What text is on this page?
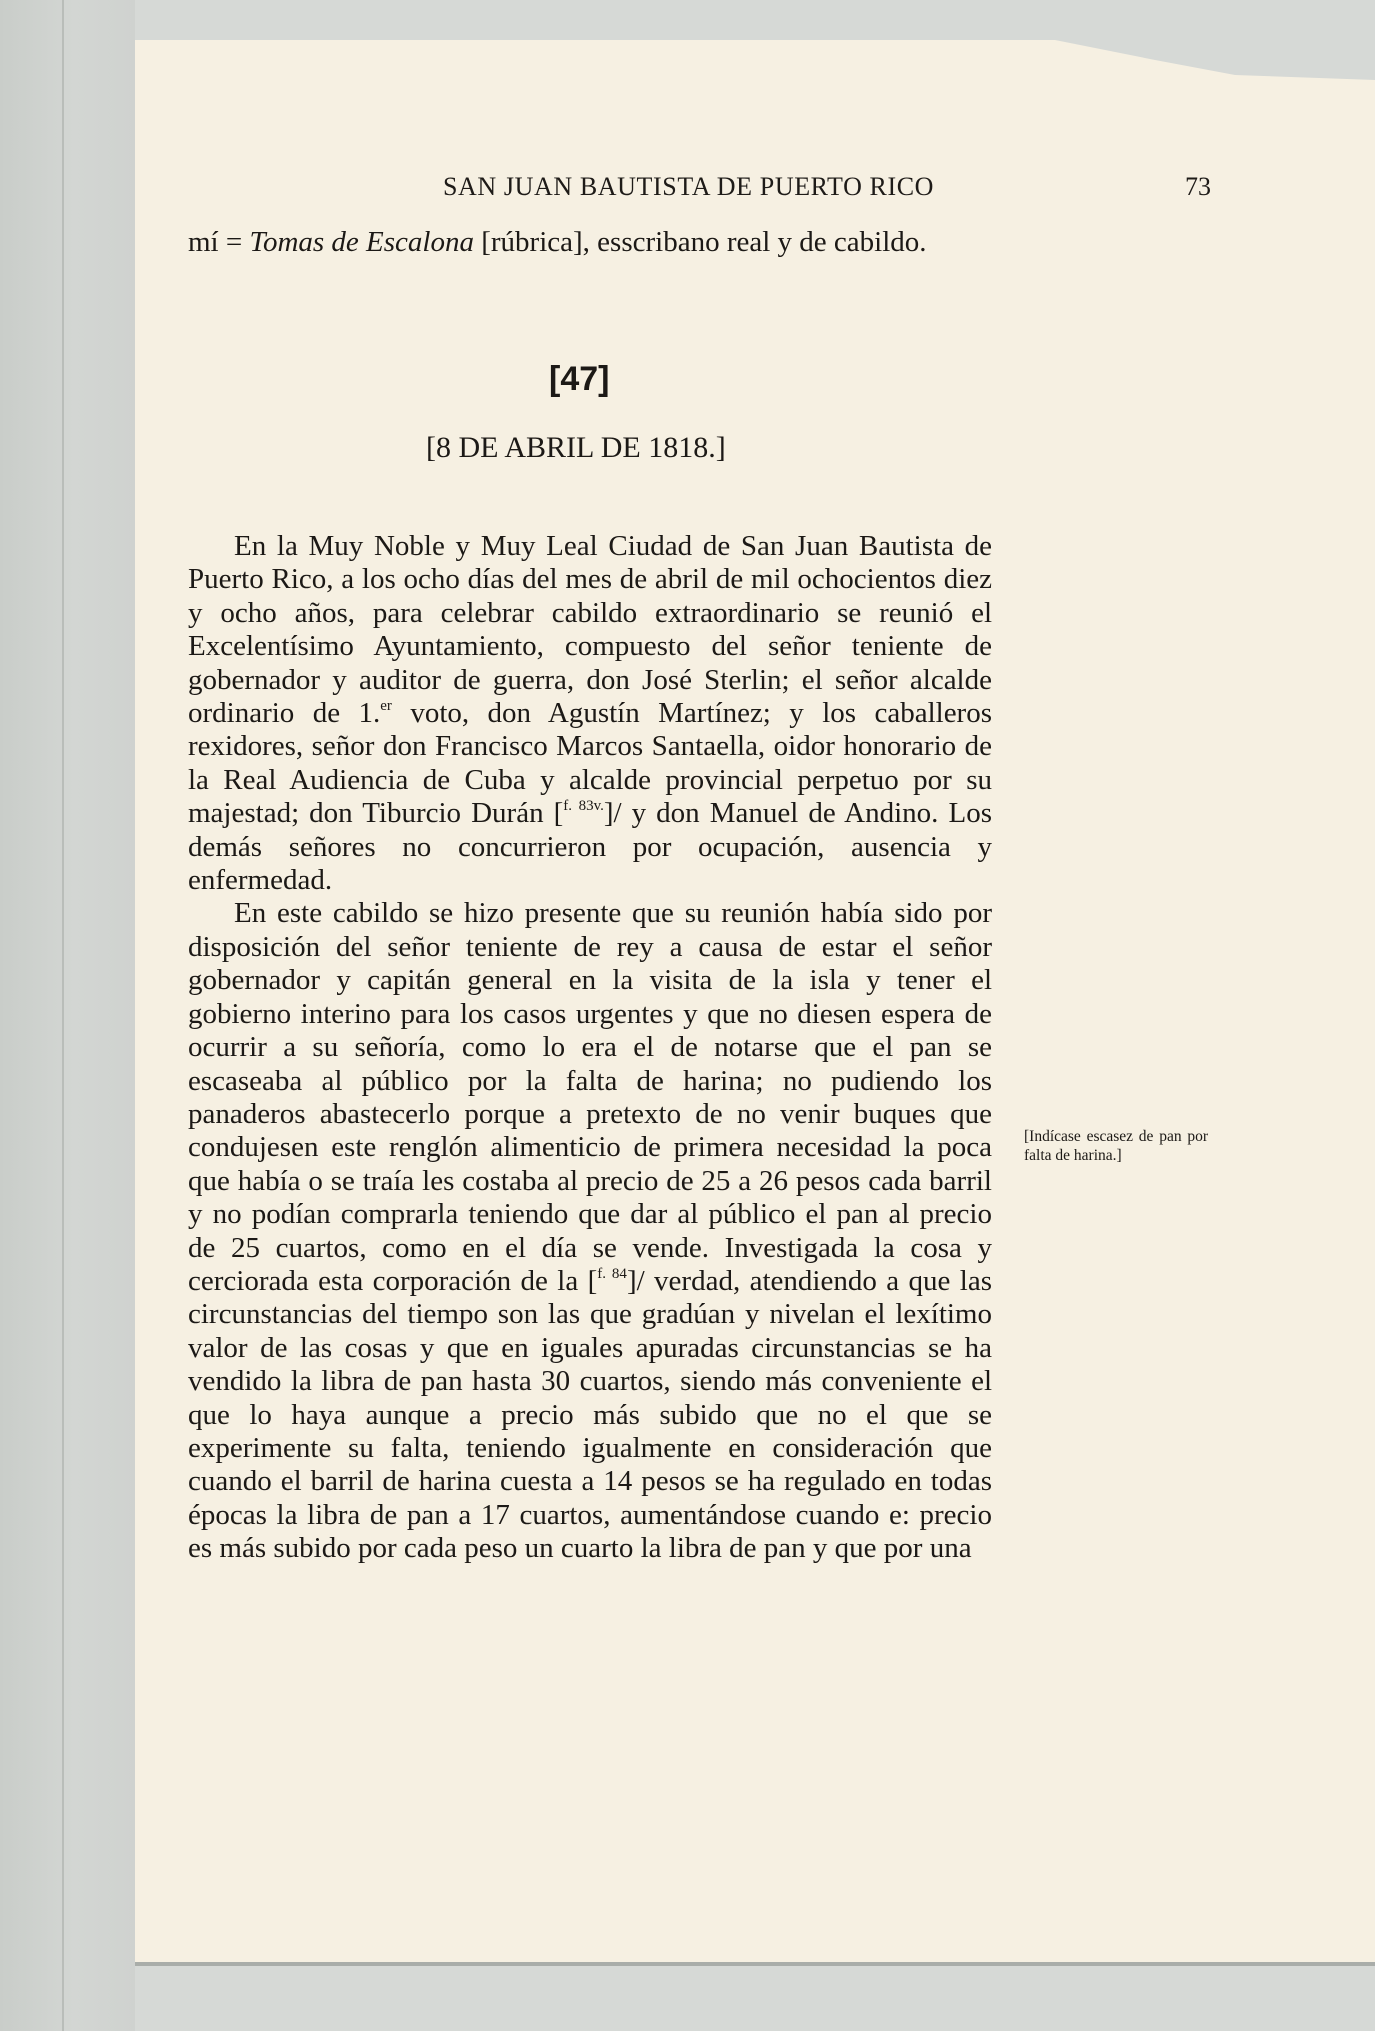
SAN JUAN BAUTISTA DE PUERTO RICO	73
mí = Tomas de Escalona [rúbrica], esscribano real y de cabildo.
[47]
[8 DE ABRIL DE 1818.]

En la Muy Noble y Muy Leal Ciudad de San Juan Bautista de Puerto Rico, a los ocho días del mes de abril de mil ochocientos diez y ocho años, para celebrar cabildo extraordinario se reunió el Excelentísimo Ayuntamiento, compuesto del señor teniente de gobernador y auditor de guerra, don José Sterlin; el señor alcalde ordinario de 1.$^{er}$ voto, don Agustín Martínez; y los caballeros rexidores, señor don Francisco Marcos Santaella, oidor honorario de la Real Audiencia de Cuba y alcalde provincial perpetuo por su majestad; don Tiburcio Durán [$^{f. 83v.}$]/ y don Manuel de Andino. Los demás señores no concurrieron por ocupación, ausencia y enfermedad.

En este cabildo se hizo presente que su reunión había sido por disposición del señor teniente de rey a causa de estar el señor gobernador y capitán general en la visita de la isla y tener el gobierno interino para los casos urgentes y que no diesen espera de ocurrir a su señoría, como lo era el de notarse que el pan se escaseaba al público por la falta de harina; no pudiendo los panaderos abastecerlo porque a pretexto de no venir buques que condujesen este renglón alimenticio de primera necesidad la poca que había o se traía les costaba al precio de 25 a 26 pesos cada barril y no podían comprarla teniendo que dar al público el pan al precio de 25 cuartos, como en el día se vende. Investigada la cosa y cerciorada esta corporación de la [$^{f. 84}$]/ verdad, atendiendo a que las circunstancias del tiempo son las que gradúan y nivelan el lexítimo valor de las cosas y que en iguales apuradas circunstancias se ha vendido la libra de pan hasta 30 cuartos, siendo más conveniente el que lo haya aunque a precio más subido que no el que se experimente su falta, teniendo igualmente en consideración que cuando el barril de harina cuesta a 14 pesos se ha regulado en todas épocas la libra de pan a 17 cuartos, aumentándose cuando e: precio es más subido por cada peso un cuarto la libra de pan y que por una

[Indícase escasez de pan por falta de harina.]
